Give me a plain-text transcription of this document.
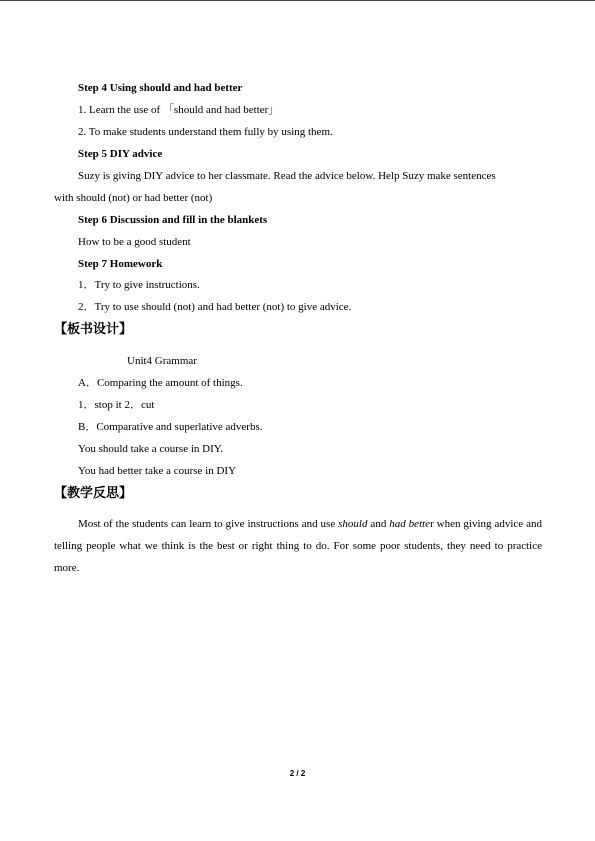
Step 4 Using should and had better
1. Learn the use of 「should and had better」
2. To make students understand them fully by using them.
Step 5 DIY advice
Suzy is giving DIY advice to her classmate. Read the advice below. Help Suzy make sentences
with should (not) or had better (not)
Step 6 Discussion and fill in the blankets
How to be a good student
Step 7 Homework
1．Try to give instructions.
2．Try to use should (not) and had better (not) to give advice.
【板书设计】
Unit4 Grammar
A．Comparing the amount of things.
1．stop it 2．cut
B．Comparative and superlative adverbs.
You should take a course in DIY.
You had better take a course in DIY
【教学反思】
Most of the students can learn to give instructions and use should and had better when giving advice and telling people what we think is the best or right thing to do. For some poor students, they need to practice more.
2 / 2
